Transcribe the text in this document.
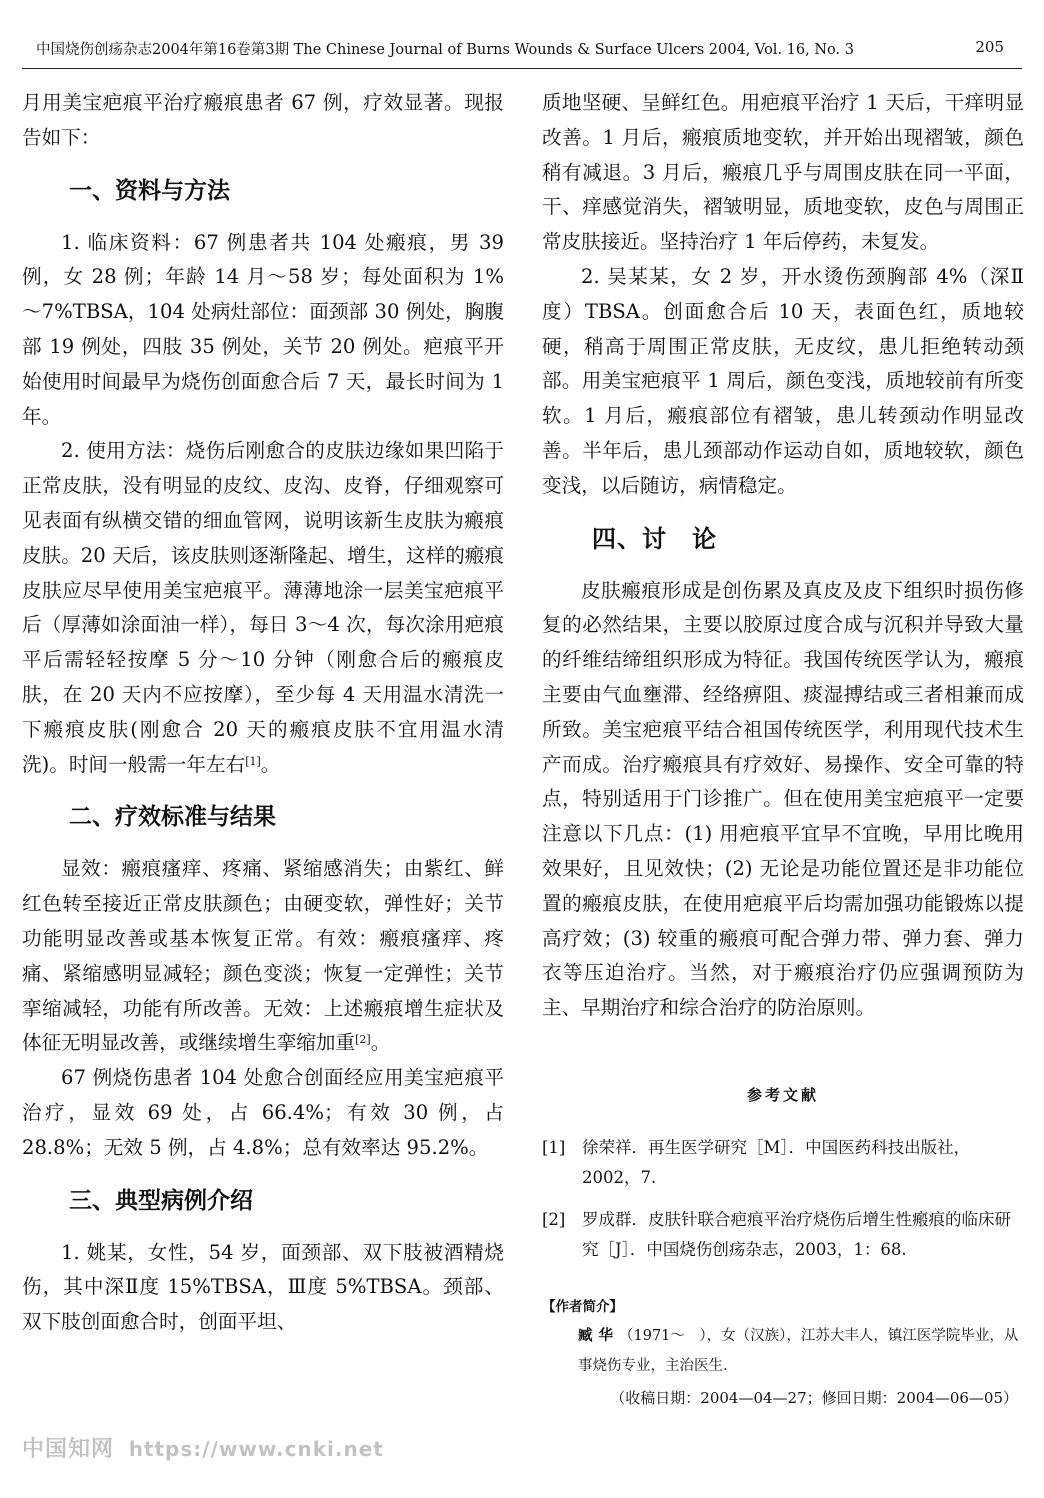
中国烧伤创疡杂志2004年第16卷第3期 The Chinese Journal of Burns Wounds & Surface Ulcers 2004, Vol. 16, No. 3	205

月用美宝疤痕平治疗瘢痕患者 67 例，疗效显著。现报告如下：

一、资料与方法

1. 临床资料：67 例患者共 104 处瘢痕，男 39 例，女 28 例；年龄 14 月～58 岁；每处面积为 1% ～7%TBSA，104 处病灶部位：面颈部 30 例处，胸腹部 19 例处，四肢 35 例处，关节 20 例处。疤痕平开始使用时间最早为烧伤创面愈合后 7 天，最长时间为 1 年。

2. 使用方法：烧伤后刚愈合的皮肤边缘如果凹陷于正常皮肤，没有明显的皮纹、皮沟、皮脊，仔细观察可见表面有纵横交错的细血管网，说明该新生皮肤为瘢痕皮肤。20 天后，该皮肤则逐渐隆起、增生，这样的瘢痕皮肤应尽早使用美宝疤痕平。薄薄地涂一层美宝疤痕平后（厚薄如涂面油一样），每日 3～4 次，每次涂用疤痕平后需轻轻按摩 5 分～10 分钟（刚愈合后的瘢痕皮肤，在 20 天内不应按摩），至少每 4 天用温水清洗一下瘢痕皮肤(刚愈合 20 天的瘢痕皮肤不宜用温水清洗)。时间一般需一年左右[1]。

二、疗效标准与结果

显效：瘢痕瘙痒、疼痛、紧缩感消失；由紫红、鲜红色转至接近正常皮肤颜色；由硬变软，弹性好；关节功能明显改善或基本恢复正常。有效：瘢痕瘙痒、疼痛、紧缩感明显减轻；颜色变淡；恢复一定弹性；关节挛缩减轻，功能有所改善。无效：上述瘢痕增生症状及体征无明显改善，或继续增生挛缩加重[2]。

67 例烧伤患者 104 处愈合创面经应用美宝疤痕平治疗，显效 69 处，占 66.4%；有效 30 例，占 28.8%；无效 5 例，占 4.8%；总有效率达 95.2%。

三、典型病例介绍

1. 姚某，女性，54 岁，面颈部、双下肢被酒精烧伤，其中深Ⅱ度 15%TBSA，Ⅲ度 5%TBSA。颈部、双下肢创面愈合时，创面平坦、

质地坚硬、呈鲜红色。用疤痕平治疗 1 天后，干痒明显改善。1 月后，瘢痕质地变软，并开始出现褶皱，颜色稍有减退。3 月后，瘢痕几乎与周围皮肤在同一平面，干、痒感觉消失，褶皱明显，质地变软，皮色与周围正常皮肤接近。坚持治疗 1 年后停药，未复发。

2. 吴某某，女 2 岁，开水烫伤颈胸部 4%（深Ⅱ度）TBSA。创面愈合后 10 天，表面色红，质地较硬，稍高于周围正常皮肤，无皮纹，患儿拒绝转动颈部。用美宝疤痕平 1 周后，颜色变浅，质地较前有所变软。1 月后，瘢痕部位有褶皱，患儿转颈动作明显改善。半年后，患儿颈部动作运动自如，质地较软，颜色变浅，以后随访，病情稳定。

四、讨　论

皮肤瘢痕形成是创伤累及真皮及皮下组织时损伤修复的必然结果，主要以胶原过度合成与沉积并导致大量的纤维结缔组织形成为特征。我国传统医学认为，瘢痕主要由气血壅滞、经络痹阻、痰湿搏结或三者相兼而成所致。美宝疤痕平结合祖国传统医学，利用现代技术生产而成。治疗瘢痕具有疗效好、易操作、安全可靠的特点，特别适用于门诊推广。但在使用美宝疤痕平一定要注意以下几点：(1) 用疤痕平宜早不宜晚，早用比晚用效果好，且见效快；(2) 无论是功能位置还是非功能位置的瘢痕皮肤，在使用疤痕平后均需加强功能锻炼以提高疗效；(3) 较重的瘢痕可配合弹力带、弹力套、弹力衣等压迫治疗。当然，对于瘢痕治疗仍应强调预防为主、早期治疗和综合治疗的防治原则。

参考文献
[1] 徐荣祥．再生医学研究［M］．中国医药科技出版社，2002，7.
[2] 罗成群．皮肤针联合疤痕平治疗烧伤后增生性瘢痕的临床研究［J］．中国烧伤创疡杂志，2003，1：68.
【作者简介】
臧华（1971～　），女（汉族），江苏大丰人，镇江医学院毕业，从事烧伤专业，主治医生．
（收稿日期：2004—04—27；修回日期：2004—06—05）
中国知网 https://www.cnki.net
